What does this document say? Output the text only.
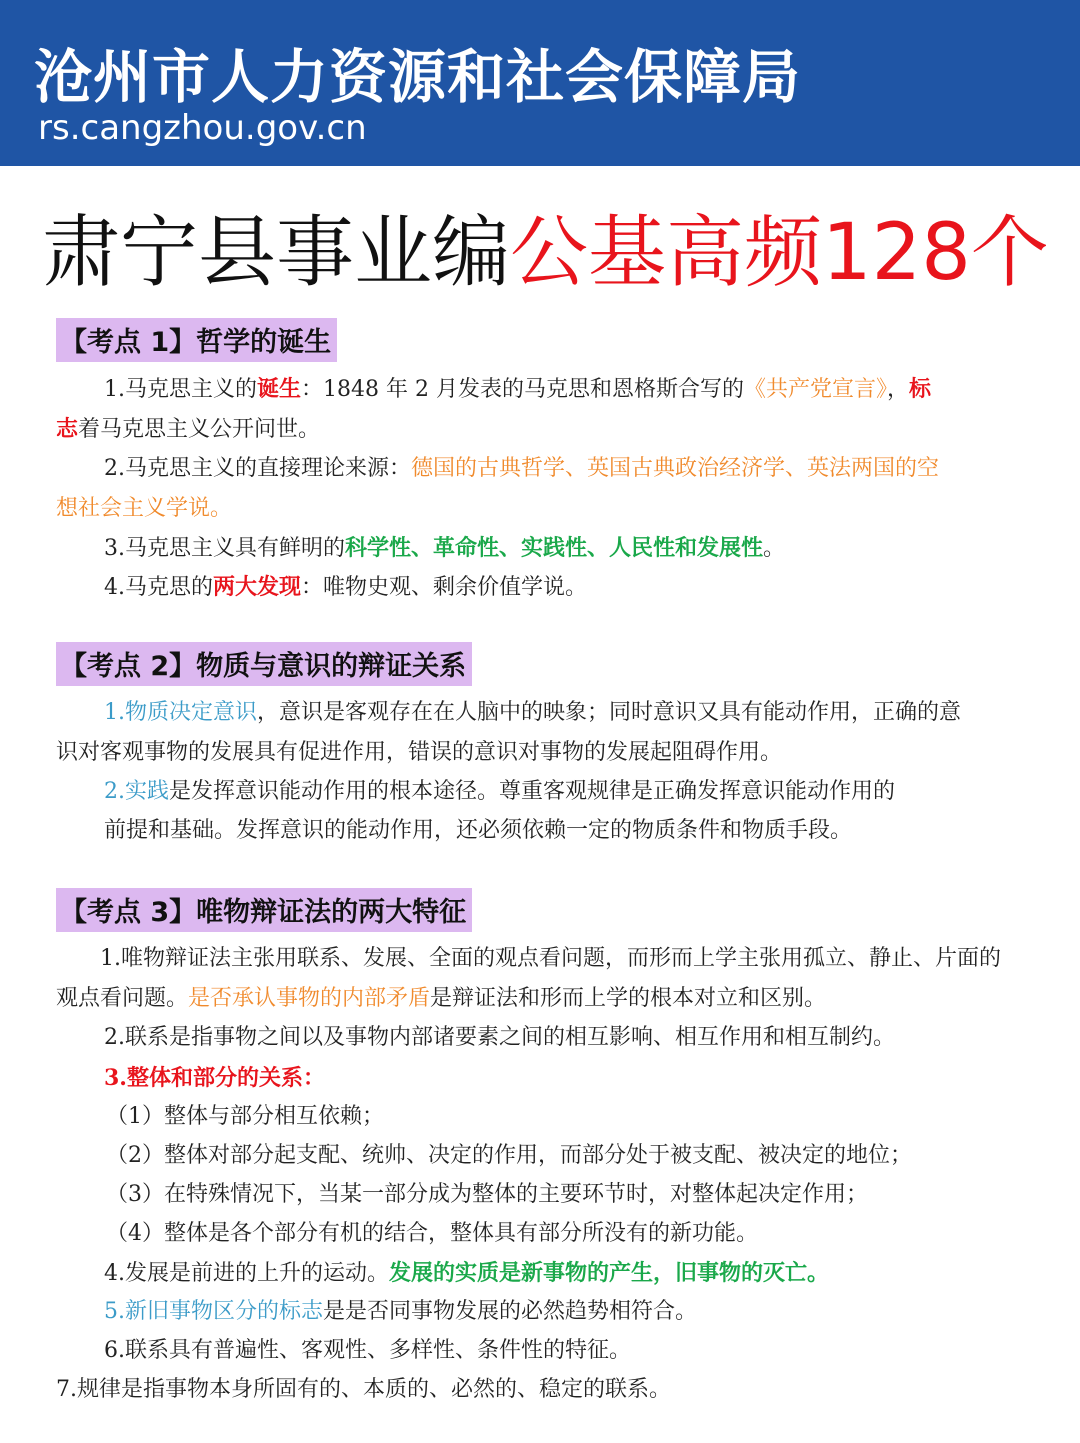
沧州市人力资源和社会保障局
rs.cangzhou.gov.cn
肃宁县事业编公基高频128个
【考点 1】哲学的诞生
1.马克思主义的诞生：1848 年 2 月发表的马克思和恩格斯合写的《共产党宣言》，标
志着马克思主义公开问世。
2.马克思主义的直接理论来源：德国的古典哲学、英国古典政治经济学、英法两国的空
想社会主义学说。
3.马克思主义具有鲜明的科学性、革命性、实践性、人民性和发展性。
4.马克思的两大发现：唯物史观、剩余价值学说。
【考点 2】物质与意识的辩证关系
1.物质决定意识，意识是客观存在在人脑中的映象；同时意识又具有能动作用，正确的意
识对客观事物的发展具有促进作用，错误的意识对事物的发展起阻碍作用。
2.实践是发挥意识能动作用的根本途径。尊重客观规律是正确发挥意识能动作用的
前提和基础。发挥意识的能动作用，还必须依赖一定的物质条件和物质手段。
【考点 3】唯物辩证法的两大特征
1.唯物辩证法主张用联系、发展、全面的观点看问题，而形而上学主张用孤立、静止、片面的
观点看问题。是否承认事物的内部矛盾是辩证法和形而上学的根本对立和区别。
2.联系是指事物之间以及事物内部诸要素之间的相互影响、相互作用和相互制约。
3.整体和部分的关系：
（1）整体与部分相互依赖；
（2）整体对部分起支配、统帅、决定的作用，而部分处于被支配、被决定的地位；
（3）在特殊情况下，当某一部分成为整体的主要环节时，对整体起决定作用；
（4）整体是各个部分有机的结合，整体具有部分所没有的新功能。
4.发展是前进的上升的运动。发展的实质是新事物的产生，旧事物的灭亡。
5.新旧事物区分的标志是是否同事物发展的必然趋势相符合。
6.联系具有普遍性、客观性、多样性、条件性的特征。
7.规律是指事物本身所固有的、本质的、必然的、稳定的联系。
